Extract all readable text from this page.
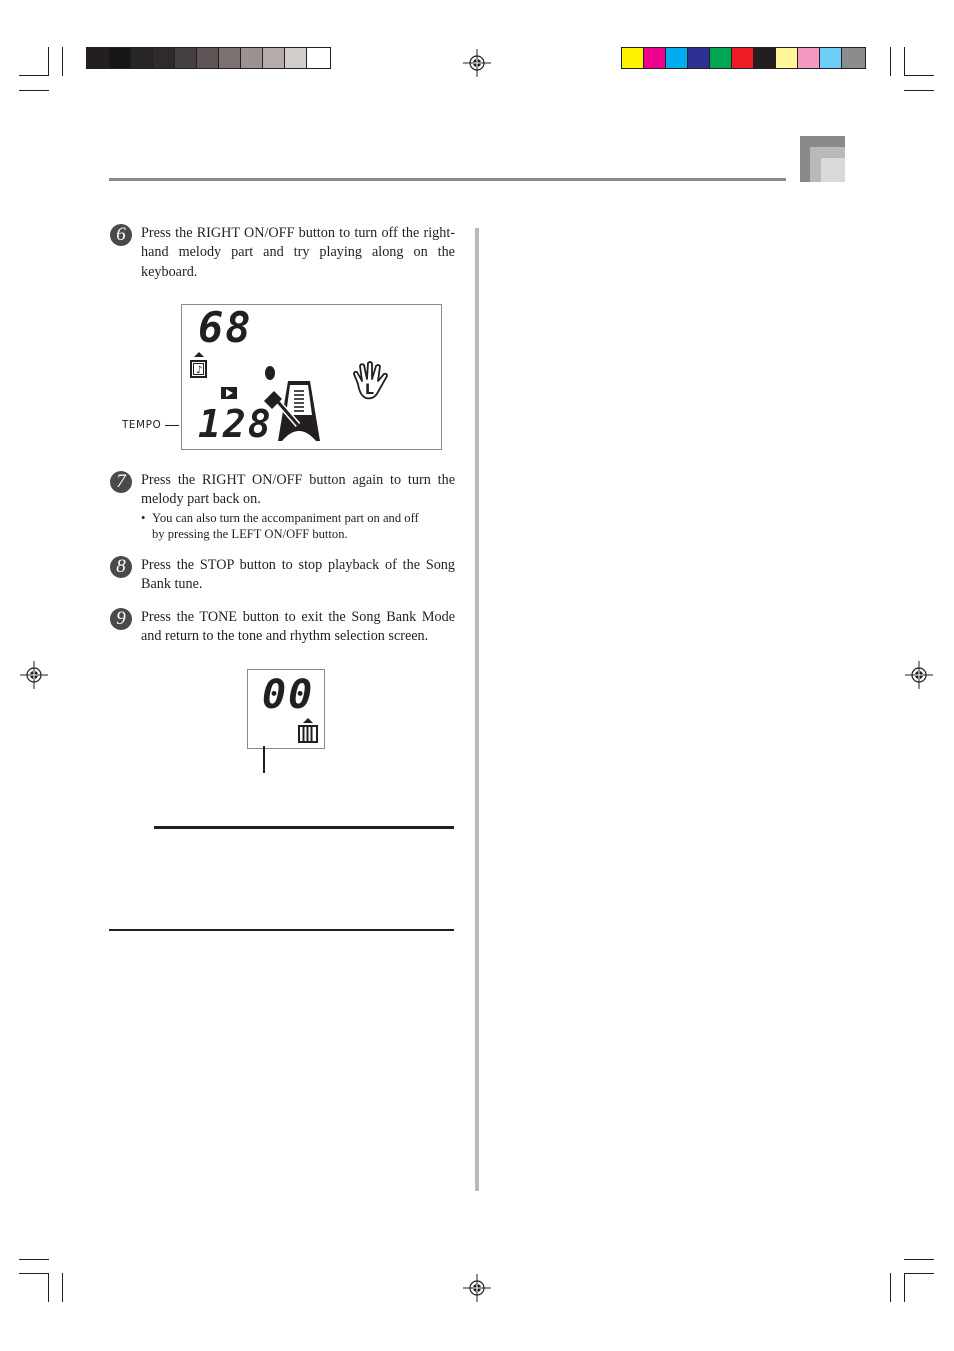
6	Press the RIGHT ON/OFF button to turn off the right-hand melody part and try playing along on the keyboard.
68
♪
128
L
TEMPO
7	Press the RIGHT ON/OFF button again to turn the melody part back on.
• You can also turn the accompaniment part on and off
by pressing the LEFT ON/OFF button.
8	Press the STOP button to stop playback of the Song Bank tune.
9	Press the TONE button to exit the Song Bank Mode and return to the tone and rhythm selection screen.
00
